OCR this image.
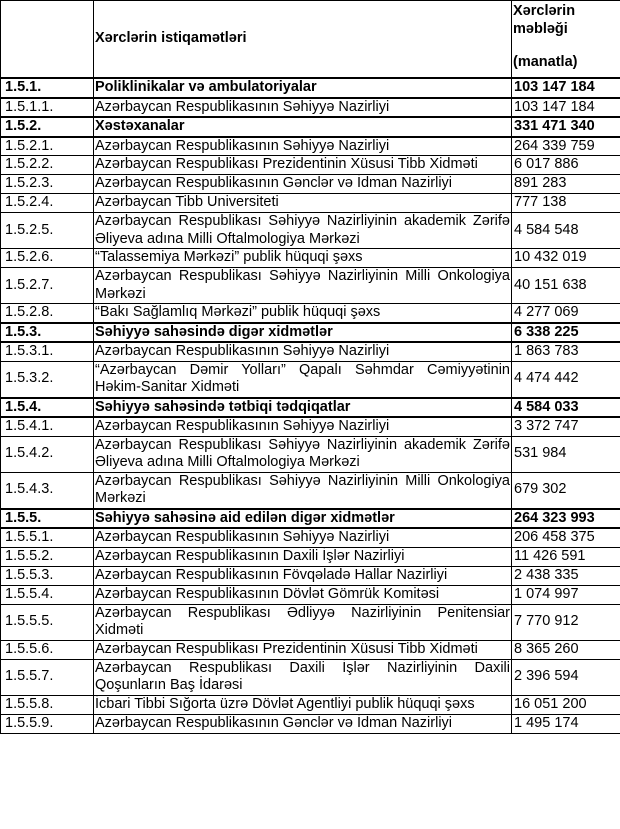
	Xərclərin istiqamətləri	Xərclərin məbləği
(manatla)

1.5.1.	Poliklinikalar və ambulatoriyalar	103 147 184
1.5.1.1.	Azərbaycan Respublikasının Səhiyyə Nazirliyi	103 147 184
1.5.2.	Xəstəxanalar	331 471 340
1.5.2.1.	Azərbaycan Respublikasının Səhiyyə Nazirliyi	264 339 759
1.5.2.2.	Azərbaycan Respublikası Prezidentinin Xüsusi Tibb Xidməti	6 017 886
1.5.2.3.	Azərbaycan Respublikasının Gənclər və İdman Nazirliyi	891 283
1.5.2.4.	Azərbaycan Tibb Universiteti	777 138
1.5.2.5.	Azərbaycan Respublikası Səhiyyə Nazirliyinin akademik Zərifə Əliyeva adına Milli Oftalmologiya Mərkəzi	4 584 548
1.5.2.6.	“Talassemiya Mərkəzi” publik hüquqi şəxs	10 432 019
1.5.2.7.	Azərbaycan Respublikası Səhiyyə Nazirliyinin Milli Onkologiya Mərkəzi	40 151 638
1.5.2.8.	“Bakı Sağlamlıq Mərkəzi” publik hüquqi şəxs	4 277 069
1.5.3.	Səhiyyə sahəsində digər xidmətlər	6 338 225
1.5.3.1.	Azərbaycan Respublikasının Səhiyyə Nazirliyi	1 863 783
1.5.3.2.	“Azərbaycan Dəmir Yolları” Qapalı Səhmdar Cəmiyyətinin Həkim-Sanitar Xidməti	4 474 442
1.5.4.	Səhiyyə sahəsində tətbiqi tədqiqatlar	4 584 033
1.5.4.1.	Azərbaycan Respublikasının Səhiyyə Nazirliyi	3 372 747
1.5.4.2.	Azərbaycan Respublikası Səhiyyə Nazirliyinin akademik Zərifə Əliyeva adına Milli Oftalmologiya Mərkəzi	531 984
1.5.4.3.	Azərbaycan Respublikası Səhiyyə Nazirliyinin Milli Onkologiya Mərkəzi	679 302
1.5.5.	Səhiyyə sahəsinə aid edilən digər xidmətlər	264 323 993
1.5.5.1.	Azərbaycan Respublikasının Səhiyyə Nazirliyi	206 458 375
1.5.5.2.	Azərbaycan Respublikasının Daxili İşlər Nazirliyi	11 426 591
1.5.5.3.	Azərbaycan Respublikasının Fövqəladə Hallar Nazirliyi	2 438 335
1.5.5.4.	Azərbaycan Respublikasının Dövlət Gömrük Komitəsi	1 074 997
1.5.5.5.	Azərbaycan Respublikası Ədliyyə Nazirliyinin Penitensiar Xidməti	7 770 912
1.5.5.6.	Azərbaycan Respublikası Prezidentinin Xüsusi Tibb Xidməti	8 365 260
1.5.5.7.	Azərbaycan Respublikası Daxili İşlər Nazirliyinin Daxili Qoşunların Baş İdarəsi	2 396 594
1.5.5.8.	İcbari Tibbi Sığorta üzrə Dövlət Agentliyi publik hüquqi şəxs	16 051 200
1.5.5.9.	Azərbaycan Respublikasının Gənclər və İdman Nazirliyi	1 495 174
